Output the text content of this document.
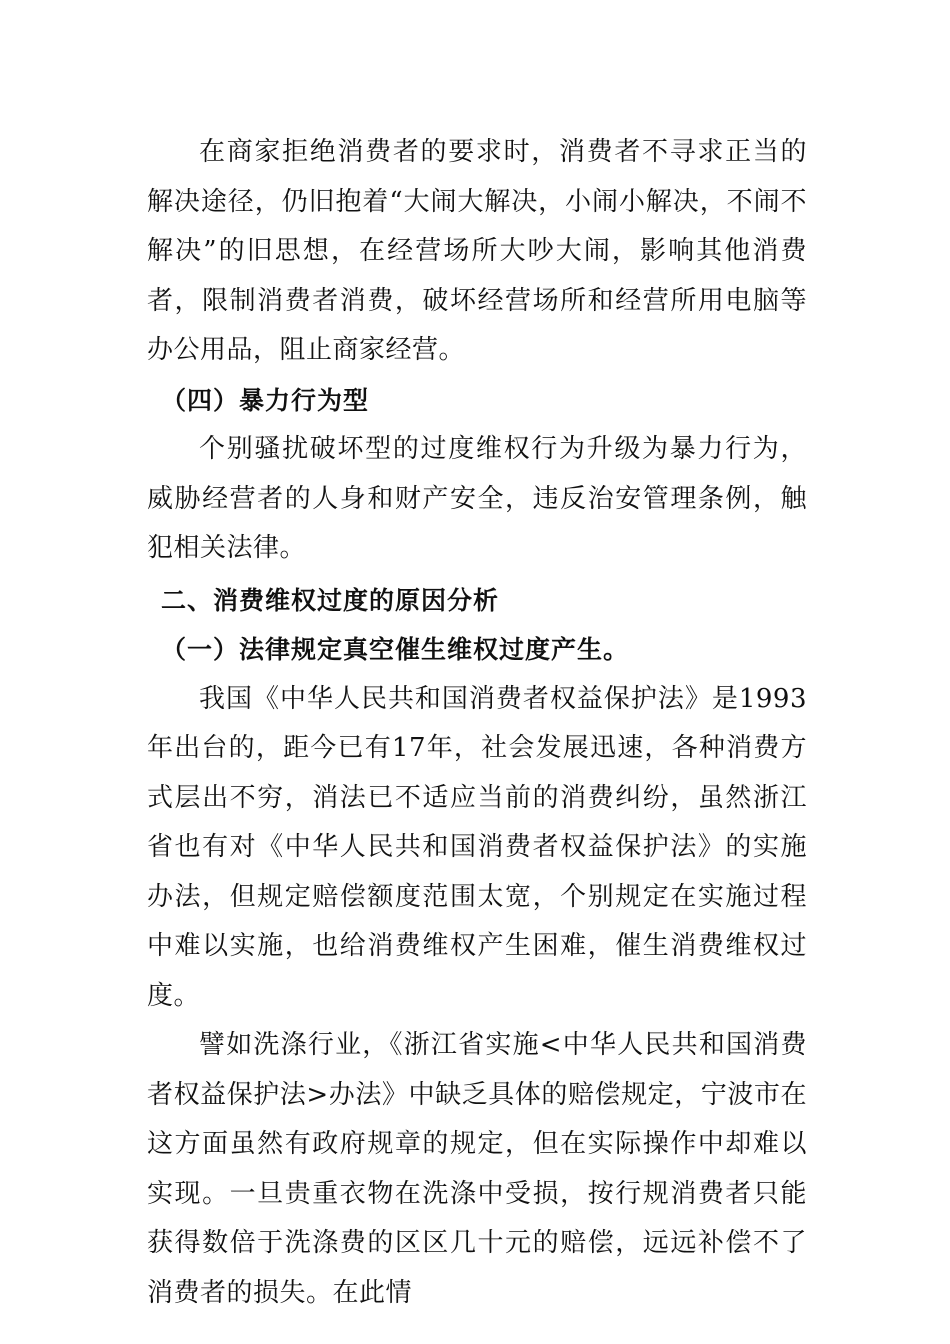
在商家拒绝消费者的要求时，消费者不寻求正当的解决途径，仍旧抱着“大闹大解决，小闹小解决，不闹不解决”的旧思想，在经营场所大吵大闹，影响其他消费者，限制消费者消费，破坏经营场所和经营所用电脑等办公用品，阻止商家经营。

（四）暴力行为型

个别骚扰破坏型的过度维权行为升级为暴力行为，威胁经营者的人身和财产安全，违反治安管理条例，触犯相关法律。

二、消费维权过度的原因分析

（一）法律规定真空催生维权过度产生。

我国《中华人民共和国消费者权益保护法》是1993年出台的，距今已有17年，社会发展迅速，各种消费方式层出不穷，消法已不适应当前的消费纠纷，虽然浙江省也有对《中华人民共和国消费者权益保护法》的实施办法，但规定赔偿额度范围太宽，个别规定在实施过程中难以实施，也给消费维权产生困难，催生消费维权过度。

譬如洗涤行业，《浙江省实施<中华人民共和国消费者权益保护法>办法》中缺乏具体的赔偿规定，宁波市在这方面虽然有政府规章的规定，但在实际操作中却难以实现。一旦贵重衣物在洗涤中受损，按行规消费者只能获得数倍于洗涤费的区区几十元的赔偿，远远补偿不了消费者的损失。在此情
